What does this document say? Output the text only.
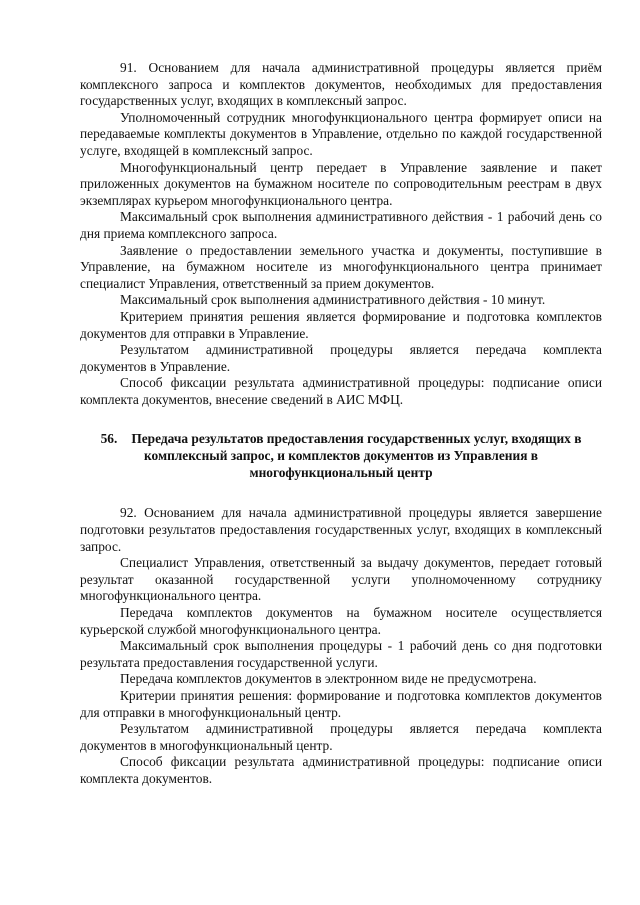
91. Основанием для начала административной процедуры является приём комплексного запроса и комплектов документов, необходимых для предоставления государственных услуг, входящих в комплексный запрос.

Уполномоченный сотрудник многофункционального центра формирует описи на передаваемые комплекты документов в Управление, отдельно по каждой государственной услуге, входящей в комплексный запрос.

Многофункциональный центр передает в Управление заявление и пакет приложенных документов на бумажном носителе по сопроводительным реестрам в двух экземплярах курьером многофункционального центра.

Максимальный срок выполнения административного действия - 1 рабочий день со дня приема комплексного запроса.

Заявление о предоставлении земельного участка и документы, поступившие в Управление, на бумажном носителе из многофункционального центра принимает специалист Управления, ответственный за прием документов.

Максимальный срок выполнения административного действия - 10 минут.

Критерием принятия решения является формирование и подготовка комплектов документов для отправки в Управление.

Результатом административной процедуры является передача комплекта документов в Управление.

Способ фиксации результата административной процедуры: подписание описи комплекта документов, внесение сведений в АИС МФЦ.

56. Передача результатов предоставления государственных услуг, входящих в комплексный запрос, и комплектов документов из Управления в многофункциональный центр

92. Основанием для начала административной процедуры является завершение подготовки результатов предоставления государственных услуг, входящих в комплексный запрос.

Специалист Управления, ответственный за выдачу документов, передает готовый результат оказанной государственной услуги уполномоченному сотруднику многофункционального центра.

Передача комплектов документов на бумажном носителе осуществляется курьерской службой многофункционального центра.

Максимальный срок выполнения процедуры - 1 рабочий день со дня подготовки результата предоставления государственной услуги.

Передача комплектов документов в электронном виде не предусмотрена.

Критерии принятия решения: формирование и подготовка комплектов документов для отправки в многофункциональный центр.

Результатом административной процедуры является передача комплекта документов в многофункциональный центр.

Способ фиксации результата административной процедуры: подписание описи комплекта документов.
